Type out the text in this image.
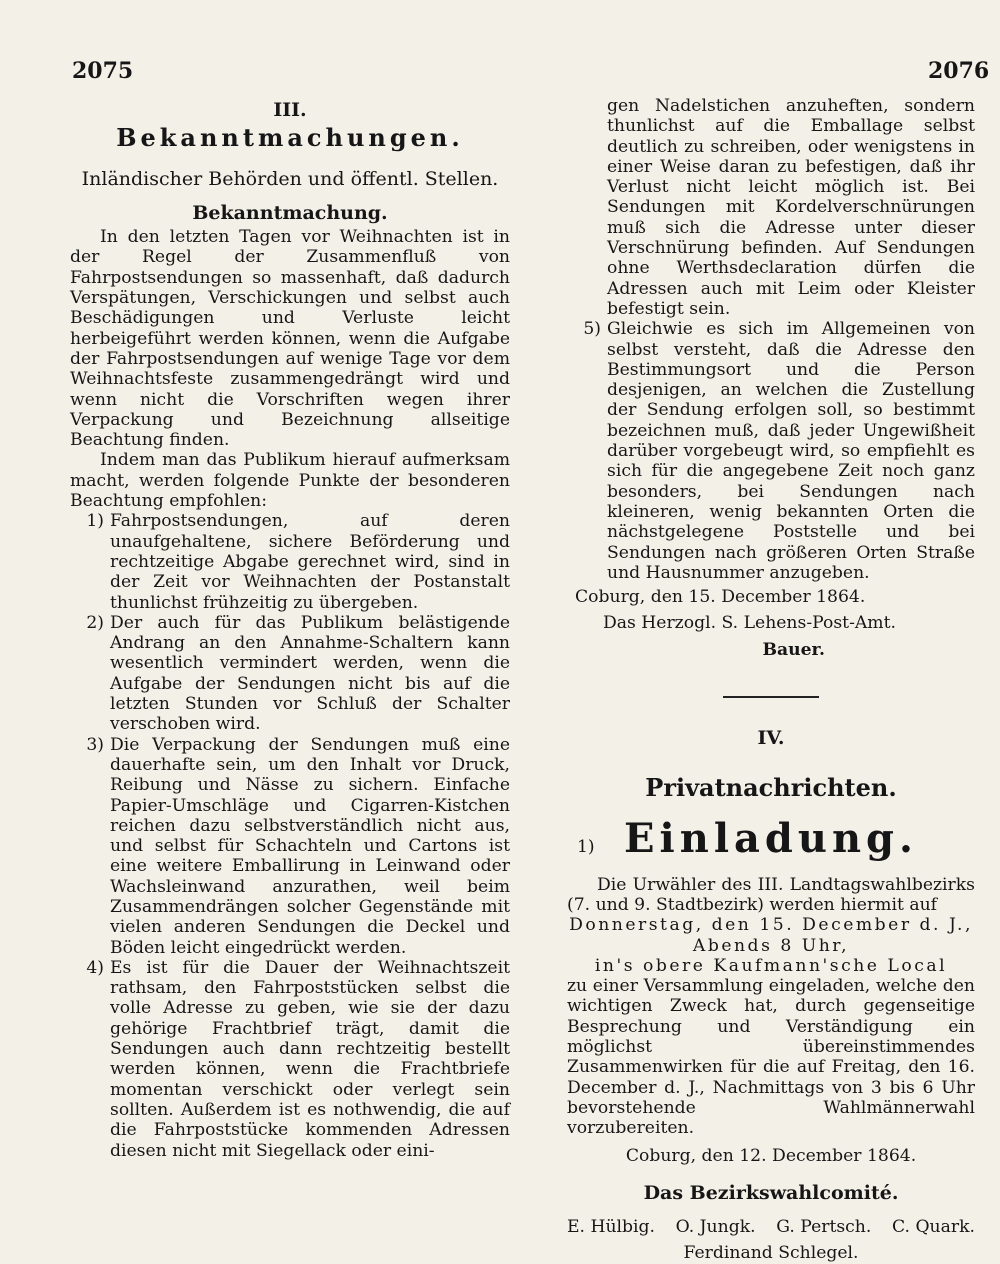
2075	2076
III.
Bekanntmachungen.
Inländischer Behörden und öffentl. Stellen.
Bekanntmachung.

In den letzten Tagen vor Weihnachten ist in der Regel der Zusammenfluß von Fahrpostsendungen so massenhaft, daß dadurch Verspätungen, Verschickungen und selbst auch Beschädigungen und Verluste leicht herbeigeführt werden können, wenn die Aufgabe der Fahrpostsendungen auf wenige Tage vor dem Weihnachtsfeste zusammengedrängt wird und wenn nicht die Vorschriften wegen ihrer Verpackung und Bezeichnung allseitige Beachtung finden.

Indem man das Publikum hierauf aufmerksam macht, werden folgende Punkte der besonderen Beachtung empfohlen:

1) Fahrpostsendungen, auf deren unaufgehaltene, sichere Beförderung und rechtzeitige Abgabe gerechnet wird, sind in der Zeit vor Weihnachten der Postanstalt thunlichst frühzeitig zu übergeben.
2) Der auch für das Publikum belästigende Andrang an den Annahme-Schaltern kann wesentlich vermindert werden, wenn die Aufgabe der Sendungen nicht bis auf die letzten Stunden vor Schluß der Schalter verschoben wird.
3) Die Verpackung der Sendungen muß eine dauerhafte sein, um den Inhalt vor Druck, Reibung und Nässe zu sichern. Einfache Papier-Umschläge und Cigarren-Kistchen reichen dazu selbstverständlich nicht aus, und selbst für Schachteln und Cartons ist eine weitere Emballirung in Leinwand oder Wachsleinwand anzurathen, weil beim Zusammendrängen solcher Gegenstände mit vielen anderen Sendungen die Deckel und Böden leicht eingedrückt werden.
4) Es ist für die Dauer der Weihnachtszeit rathsam, den Fahrpoststücken selbst die volle Adresse zu geben, wie sie der dazu gehörige Frachtbrief trägt, damit die Sendungen auch dann rechtzeitig bestellt werden können, wenn die Frachtbriefe momentan verschickt oder verlegt sein sollten. Außerdem ist es nothwendig, die auf die Fahrpoststücke kommenden Adressen diesen nicht mit Siegellack oder eini-
gen Nadelstichen anzuheften, sondern thunlichst auf die Emballage selbst deutlich zu schreiben, oder wenigstens in einer Weise daran zu befestigen, daß ihr Verlust nicht leicht möglich ist. Bei Sendungen mit Kordelverschnürungen muß sich die Adresse unter dieser Verschnürung befinden. Auf Sendungen ohne Werthsdeclaration dürfen die Adressen auch mit Leim oder Kleister befestigt sein.
5) Gleichwie es sich im Allgemeinen von selbst versteht, daß die Adresse den Bestimmungsort und die Person desjenigen, an welchen die Zustellung der Sendung erfolgen soll, so bestimmt bezeichnen muß, daß jeder Ungewißheit darüber vorgebeugt wird, so empfiehlt es sich für die angegebene Zeit noch ganz besonders, bei Sendungen nach kleineren, wenig bekannten Orten die nächstgelegene Poststelle und bei Sendungen nach größeren Orten Straße und Hausnummer anzugeben.
Coburg, den 15. December 1864.
Das Herzogl. S. Lehens-Post-Amt.
Bauer.
IV.
Privatnachrichten.
1) Einladung.

Die Urwähler des III. Landtagswahlbezirks (7. und 9. Stadtbezirk) werden hiermit auf

Donnerstag, den 15. December d. J.,

Abends 8 Uhr,

in's obere Kaufmann'sche Local

zu einer Versammlung eingeladen, welche den wichtigen Zweck hat, durch gegenseitige Besprechung und Verständigung ein möglichst übereinstimmendes Zusammenwirken für die auf Freitag, den 16. December d. J., Nachmittags von 3 bis 6 Uhr bevorstehende Wahlmännerwahl vorzubereiten.

Coburg, den 12. December 1864.
Das Bezirkswahlcomité.
E. Hülbig. O. Jungk. G. Pertsch. C. Quark.
Ferdinand Schlegel.
